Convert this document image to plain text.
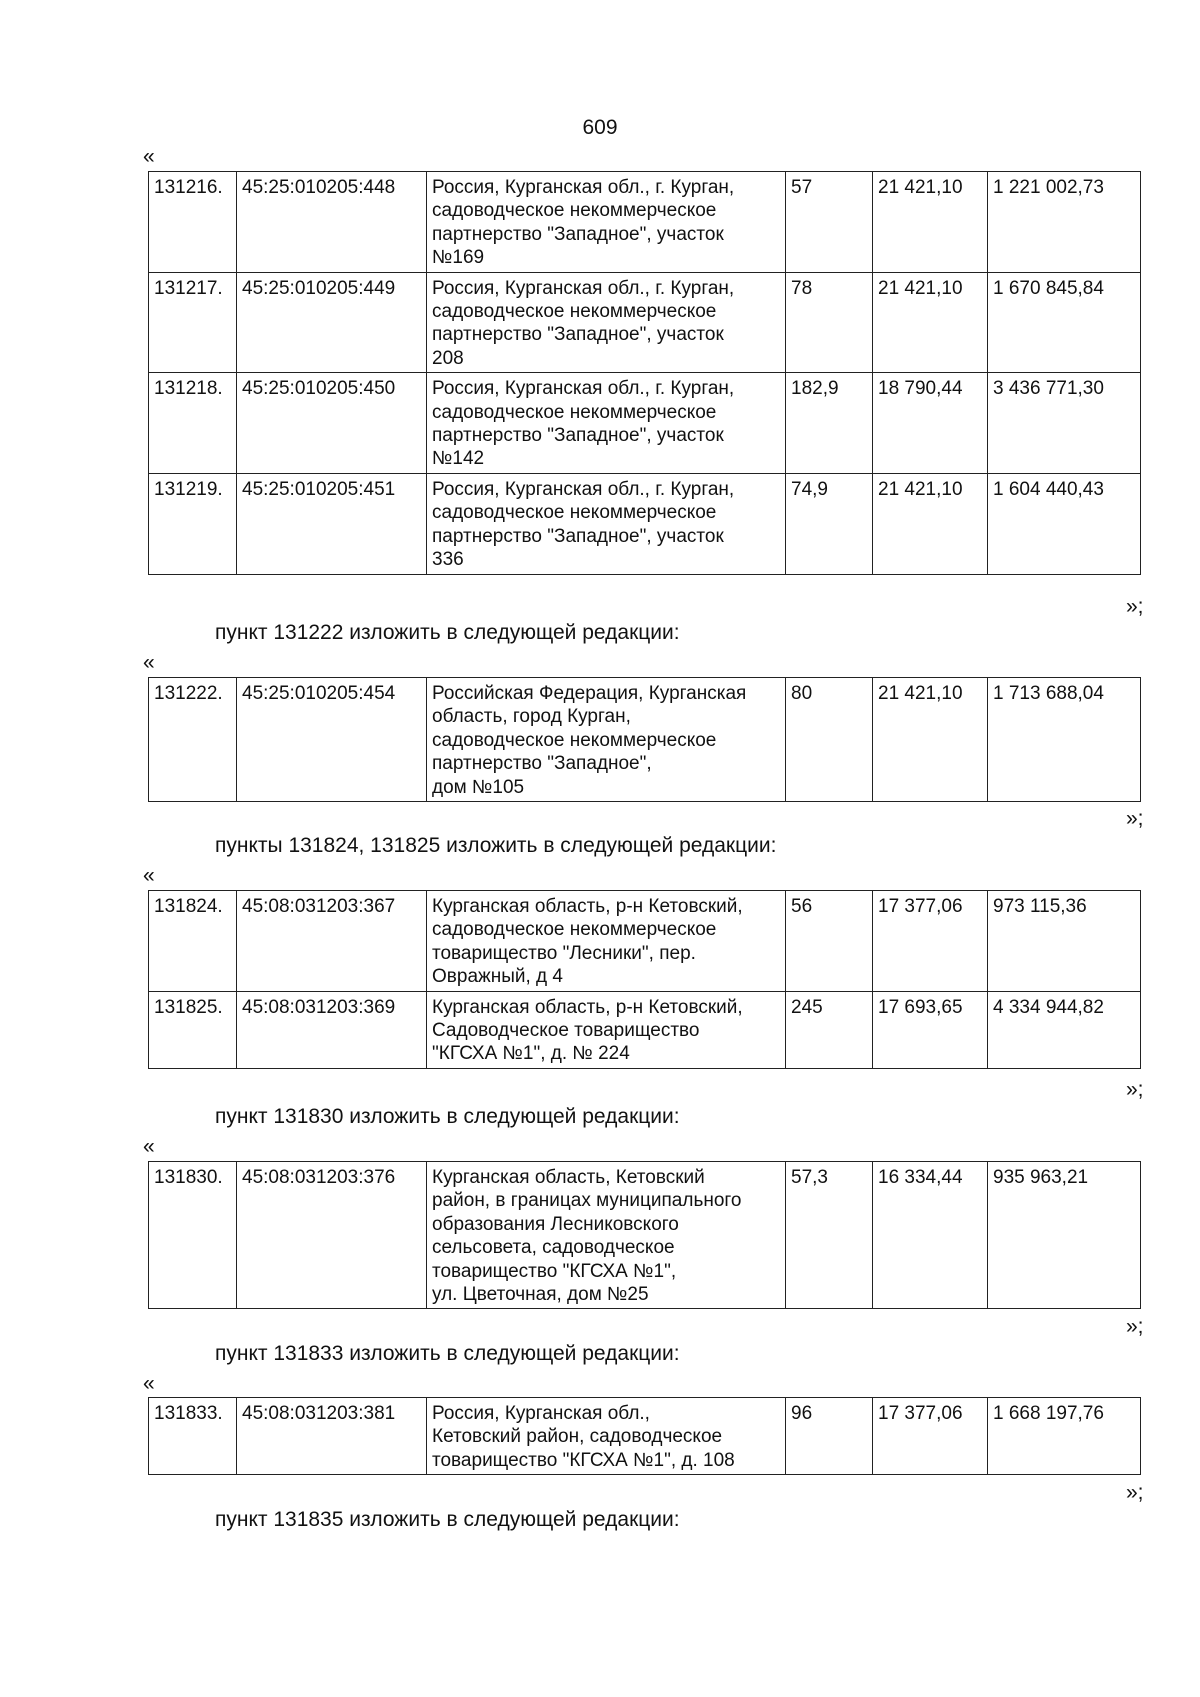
609
«
131216.	45:25:010205:448	Россия, Курганская обл., г. Курган,
садоводческое некоммерческое
партнерство "Западное", участок
№169	57	21 421,10	1 221 002,73
131217.	45:25:010205:449	Россия, Курганская обл., г. Курган,
садоводческое некоммерческое
партнерство "Западное", участок
208	78	21 421,10	1 670 845,84
131218.	45:25:010205:450	Россия, Курганская обл., г. Курган,
садоводческое некоммерческое
партнерство "Западное", участок
№142	182,9	18 790,44	3 436 771,30
131219.	45:25:010205:451	Россия, Курганская обл., г. Курган,
садоводческое некоммерческое
партнерство "Западное", участок
336	74,9	21 421,10	1 604 440,43
»;
пункт 131222 изложить в следующей редакции:
«
131222.	45:25:010205:454	Российская Федерация, Курганская
область, город Курган,
садоводческое некоммерческое
партнерство "Западное",
дом №105
	80	21 421,10	1 713 688,04
»;
пункты 131824, 131825 изложить в следующей редакции:
«
131824.	45:08:031203:367	Курганская область, р-н Кетовский,
садоводческое некоммерческое
товарищество "Лесники", пер.
Овражный, д 4	56	17 377,06	973 115,36
131825.	45:08:031203:369	Курганская область, р-н Кетовский,
Садоводческое товарищество
"КГСХА №1", д. № 224	245	17 693,65	4 334 944,82
»;
пункт 131830 изложить в следующей редакции:
«
131830.	45:08:031203:376	Курганская область, Кетовский
район, в границах муниципального
образования Лесниковского
сельсовета, садоводческое
товарищество "КГСХА №1",
ул. Цветочная, дом №25
	57,3	16 334,44	935 963,21
»;
пункт 131833 изложить в следующей редакции:
«
131833.	45:08:031203:381	Россия, Курганская обл.,
Кетовский район, садоводческое
товарищество "КГСХА №1", д. 108
	96	17 377,06	1 668 197,76
»;
пункт 131835 изложить в следующей редакции:
